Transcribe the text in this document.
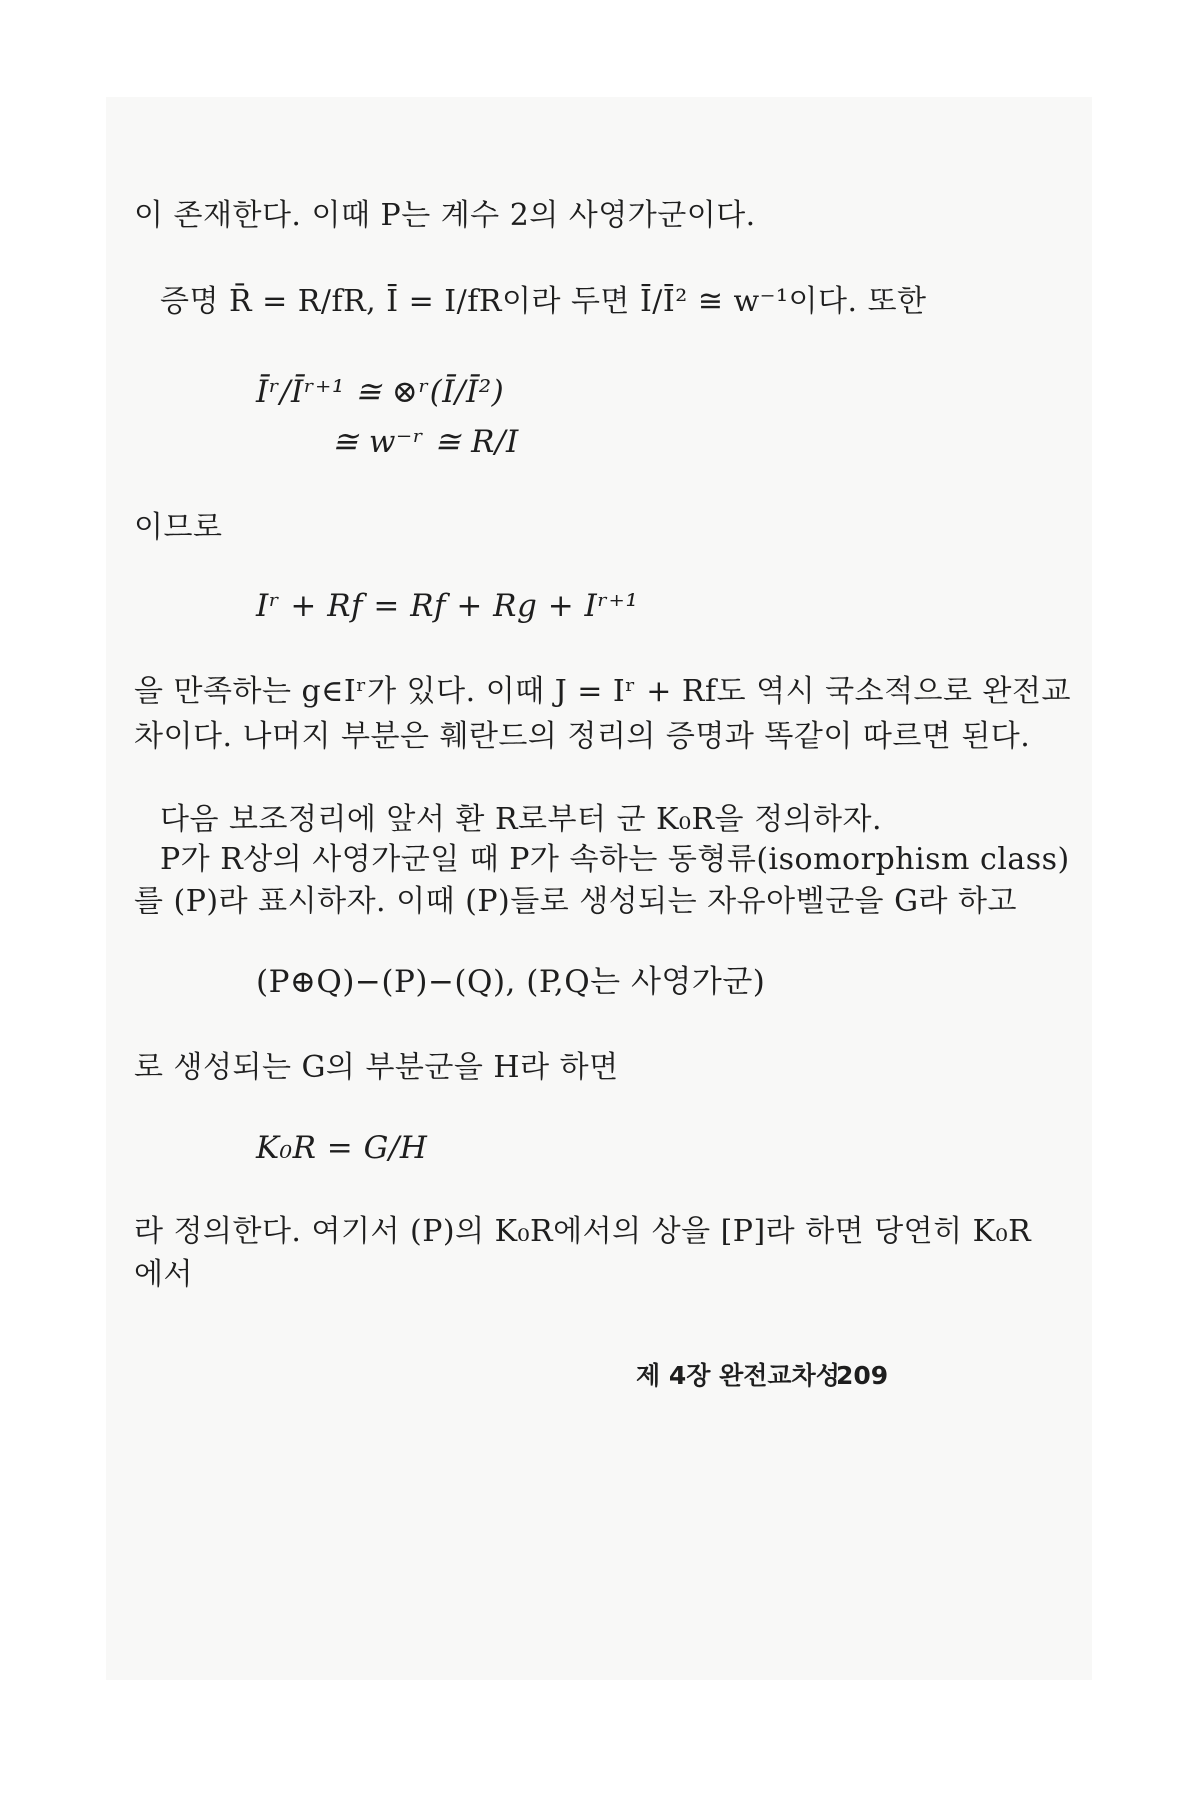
이 존재한다. 이때 P는 계수 2의 사영가군이다.
증명 R̄ = R/fR, Ī = I/fR이라 두면 Ī/Ī² ≅ w⁻¹이다. 또한
Īʳ/Īʳ⁺¹ ≅ ⊗ʳ(Ī/Ī²)
≅ w⁻ʳ ≅ R/I
이므로
Iʳ + Rf = Rf + Rg + Iʳ⁺¹
을 만족하는 g∈Iʳ가 있다. 이때 J = Iʳ + Rf도 역시 국소적으로 완전교
차이다. 나머지 부분은 훼란드의 정리의 증명과 똑같이 따르면 된다.
다음 보조정리에 앞서 환 R로부터 군 K₀R을 정의하자.
P가 R상의 사영가군일 때 P가 속하는 동형류(isomorphism class)
를 (P)라 표시하자. 이때 (P)들로 생성되는 자유아벨군을 G라 하고
(P⊕Q)−(P)−(Q), (P,Q는 사영가군)
로 생성되는 G의 부분군을 H라 하면
K₀R = G/H
라 정의한다. 여기서 (P)의 K₀R에서의 상을 [P]라 하면 당연히 K₀R
에서
제 4장 완전교차성
209
